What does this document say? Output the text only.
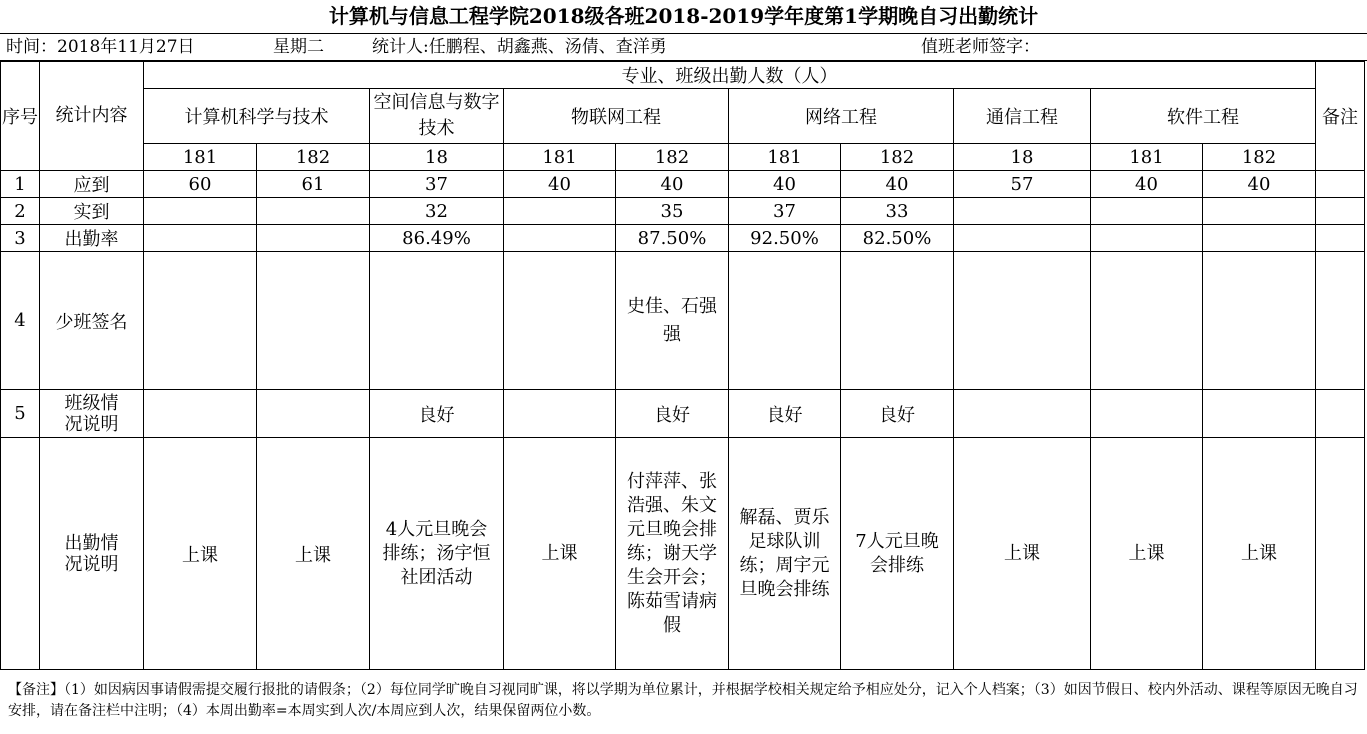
计算机与信息工程学院2018级各班2018-2019学年度第1学期晚自习出勤统计
时间：2018年11月27日	星期二	统计人:任鹏程、胡鑫燕、汤倩、查洋勇	值班老师签字：
序号	统计内容	专业、班级出勤人数（人）										备注
		计算机科学与技术		空间信息与数字技术	物联网工程		网络工程		通信工程	软件工程		
		181	182	18	181	182	181	182	18	181	182	
1	应到	60	61	37	40	40	40	40	57	40	40	
2	实到			32		35	37	33				
3	出勤率			86.49%		87.50%	92.50%	82.50%				
4	少班签名					史佳、石强强						
5	班级情况说明			良好		良好	良好	良好				
	出勤情况说明	上课	上课	4人元旦晚会排练；汤宇恒社团活动	上课	付萍萍、张浩强、朱文元旦晚会排练；谢天学生会开会；陈茹雪请病假	解磊、贾乐足球队训练；周宇元旦晚会排练	7人元旦晚会排练	上课	上课	上课	
【备注】（1）如因病因事请假需提交履行报批的请假条；（2）每位同学旷晚自习视同旷课，将以学期为单位累计，并根据学校相关规定给予相应处分，记入个人档案；（3）如因节假日、校内外活动、课程等原因无晚自习安排，请在备注栏中注明；（4）本周出勤率=本周实到人次/本周应到人次，结果保留两位小数。
